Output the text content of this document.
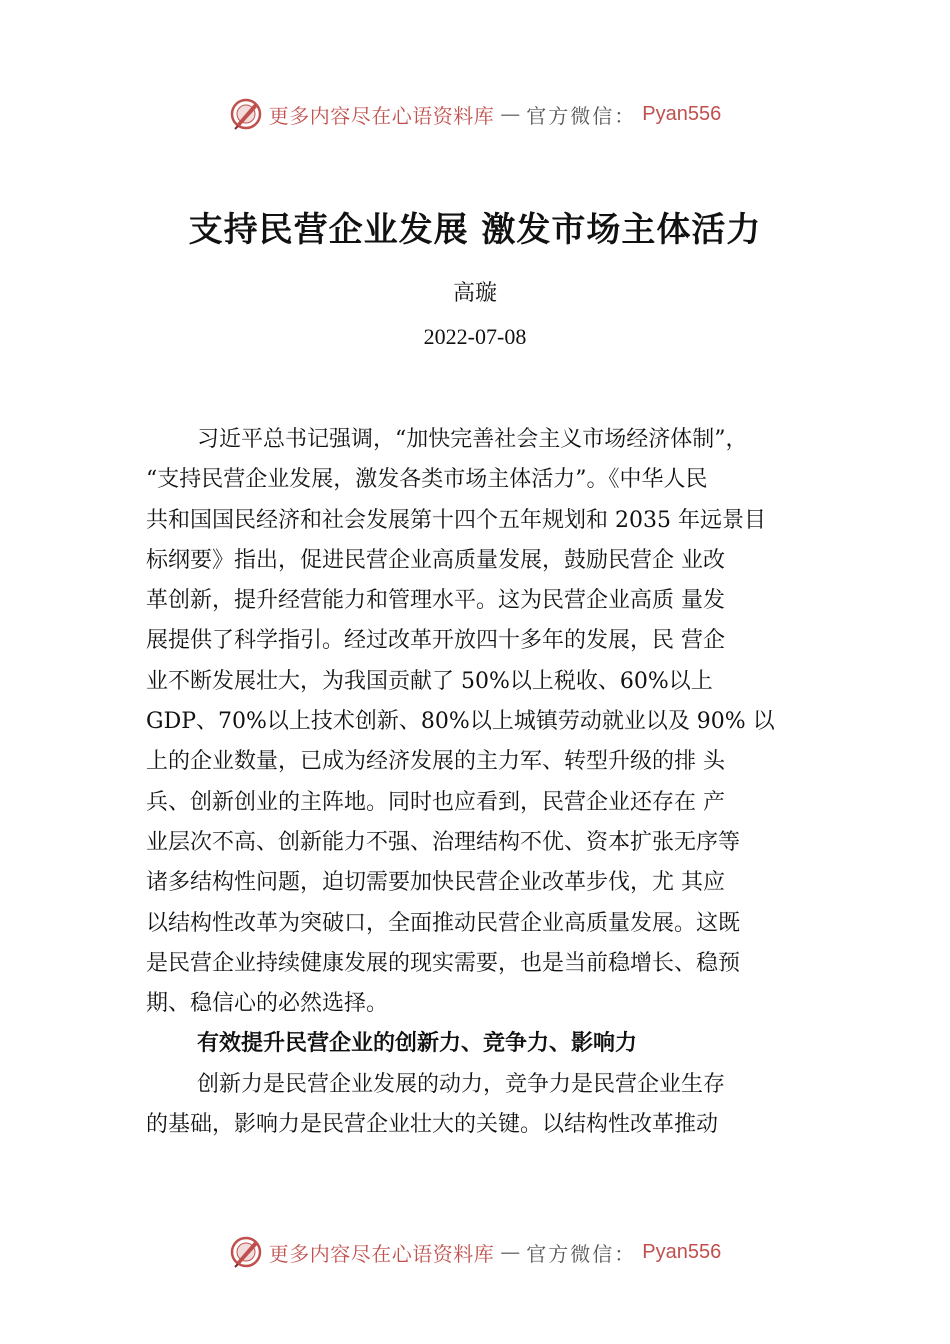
更多内容尽在心语资料库 — 官方微信： Pyan556
支持民营企业发展 激发市场主体活力
高璇
2022-07-08
习近平总书记强调，“加快完善社会主义市场经济体制”，
“支持民营企业发展，激发各类市场主体活力”。《中华人民
共和国国民经济和社会发展第十四个五年规划和 2035 年远景目
标纲要》指出，促进民营企业高质量发展，鼓励民营企 业改
革创新，提升经营能力和管理水平。这为民营企业高质 量发
展提供了科学指引。经过改革开放四十多年的发展，民 营企
业不断发展壮大，为我国贡献了 50%以上税收、60%以上
GDP、70%以上技术创新、80%以上城镇劳动就业以及 90% 以
上的企业数量，已成为经济发展的主力军、转型升级的排 头
兵、创新创业的主阵地。同时也应看到，民营企业还存在 产
业层次不高、创新能力不强、治理结构不优、资本扩张无序等
诸多结构性问题，迫切需要加快民营企业改革步伐，尤 其应
以结构性改革为突破口，全面推动民营企业高质量发展。这既
是民营企业持续健康发展的现实需要，也是当前稳增长、稳预
期、稳信心的必然选择。
有效提升民营企业的创新力、竞争力、影响力
创新力是民营企业发展的动力，竞争力是民营企业生存
的基础，影响力是民营企业壮大的关键。以结构性改革推动
更多内容尽在心语资料库 — 官方微信： Pyan556
